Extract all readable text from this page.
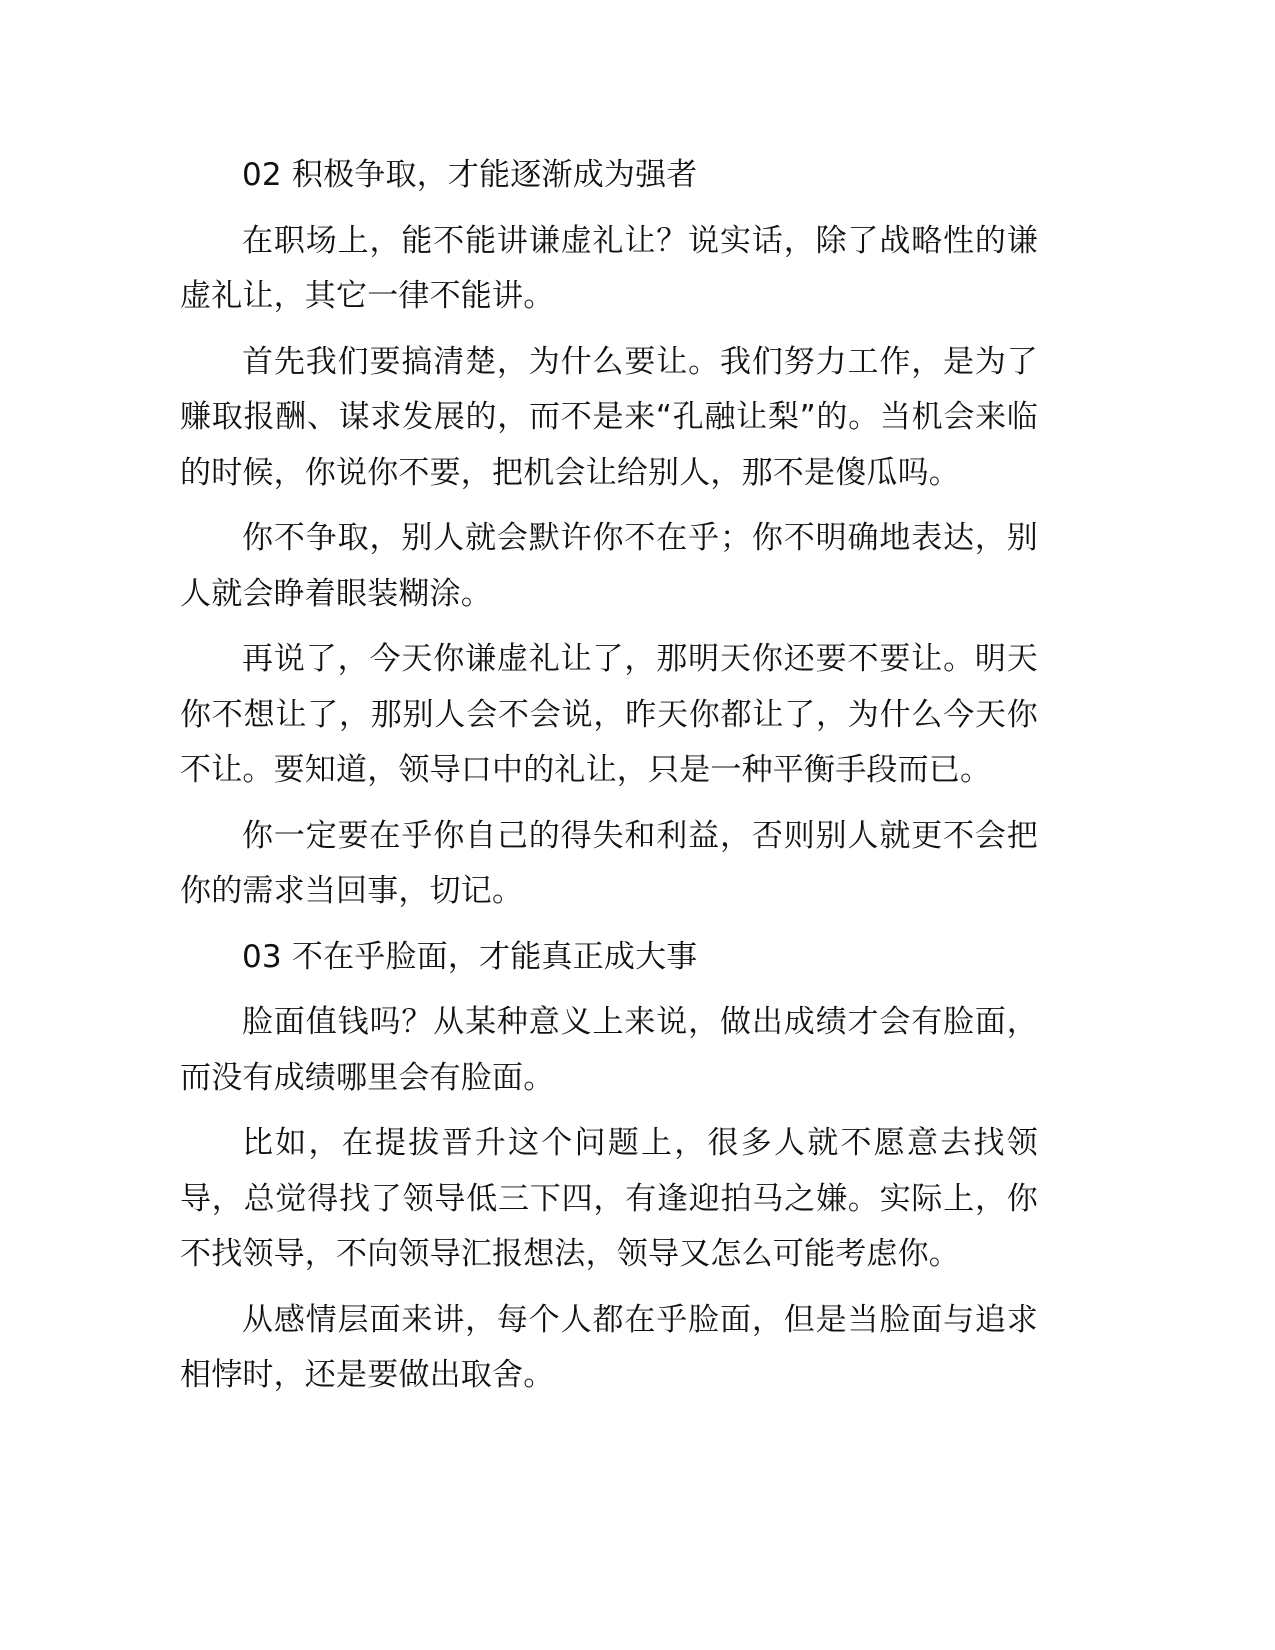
02 积极争取，才能逐渐成为强者

在职场上，能不能讲谦虚礼让？说实话，除了战略性的谦虚礼让，其它一律不能讲。

首先我们要搞清楚，为什么要让。我们努力工作，是为了赚取报酬、谋求发展的，而不是来“孔融让梨”的。当机会来临的时候，你说你不要，把机会让给别人，那不是傻瓜吗。

你不争取，别人就会默许你不在乎；你不明确地表达，别人就会睁着眼装糊涂。

再说了，今天你谦虚礼让了，那明天你还要不要让。明天你不想让了，那别人会不会说，昨天你都让了，为什么今天你不让。要知道，领导口中的礼让，只是一种平衡手段而已。

你一定要在乎你自己的得失和利益，否则别人就更不会把你的需求当回事，切记。

03 不在乎脸面，才能真正成大事

脸面值钱吗？从某种意义上来说，做出成绩才会有脸面，而没有成绩哪里会有脸面。

比如，在提拔晋升这个问题上，很多人就不愿意去找领导，总觉得找了领导低三下四，有逢迎拍马之嫌。实际上，你不找领导，不向领导汇报想法，领导又怎么可能考虑你。

从感情层面来讲，每个人都在乎脸面，但是当脸面与追求相悖时，还是要做出取舍。
